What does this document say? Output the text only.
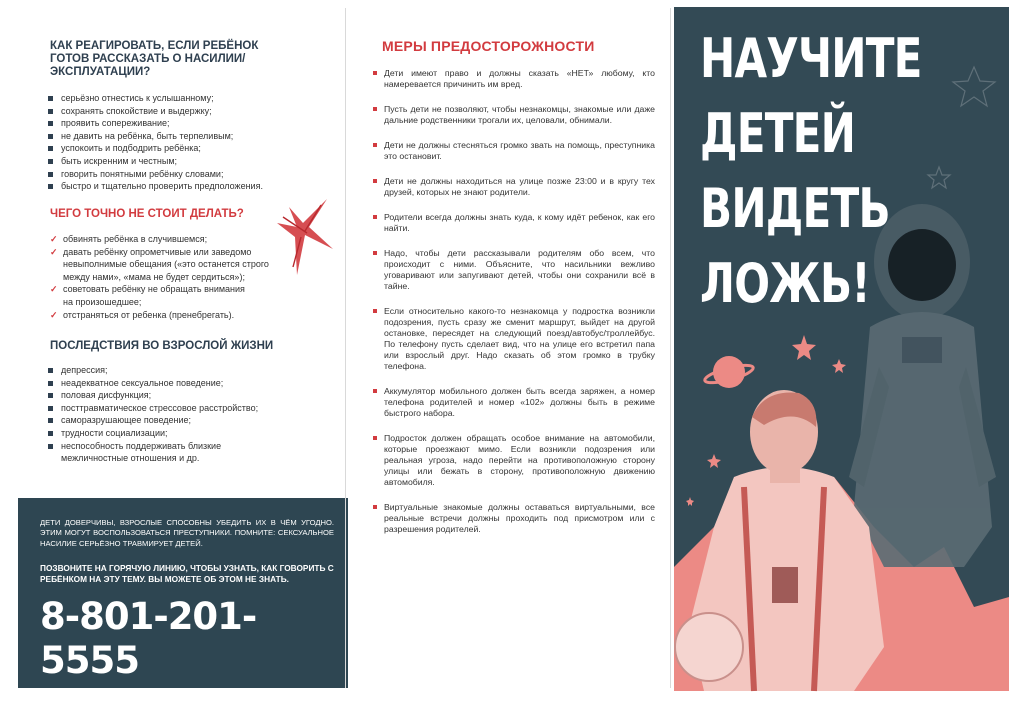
КАК РЕАГИРОВАТЬ, ЕСЛИ РЕБЁНОК ГОТОВ РАССКАЗАТЬ О НАСИЛИИ/ЭКСПЛУАТАЦИИ?
серьёзно отнестись к услышанному;
сохранять спокойствие и выдержку;
проявить сопереживание;
не давить на ребёнка, быть терпеливым;
успокоить и подбодрить ребёнка;
быть искренним и честным;
говорить понятными ребёнку словами;
быстро и тщательно проверить предположения.
ЧЕГО ТОЧНО НЕ СТОИТ ДЕЛАТЬ?
✓ обвинять ребёнка в случившемся;
✓ давать ребёнку опрометчивые или заведомо
невыполнимые обещания («это останется строго
между нами», «мама не будет сердиться»);
✓ советовать ребёнку не обращать внимания
на произошедшее;
✓ отстраняться от ребенка (пренебрегать).
ПОСЛЕДСТВИЯ ВО ВЗРОСЛОЙ ЖИЗНИ
депрессия;
неадекватное сексуальное поведение;
половая дисфункция;
посттравматическое стрессовое расстройство;
саморазрушающее поведение;
трудности социализации;
неспособность поддерживать близкие межличностные отношения и др.

ДЕТИ ДОВЕРЧИВЫ, ВЗРОСЛЫЕ СПОСОБНЫ УБЕДИТЬ ИХ В ЧЁМ УГОДНО. ЭТИМ МОГУТ ВОСПОЛЬЗОВАТЬСЯ ПРЕСТУПНИКИ. ПОМНИТЕ: СЕКСУАЛЬНОЕ НАСИЛИЕ СЕРЬЁЗНО ТРАВМИРУЕТ ДЕТЕЙ.

ПОЗВОНИТЕ НА ГОРЯЧУЮ ЛИНИЮ, ЧТОБЫ УЗНАТЬ, КАК ГОВОРИТЬ С РЕБЁНКОМ НА ЭТУ ТЕМУ. ВЫ МОЖЕТЕ ОБ ЭТОМ НЕ ЗНАТЬ.

8-801-201-5555

ЗВОНОК БЕСПЛАТНЫЙ

ДОСТУПЕН СО СТАЦИОНАРНЫХ ТЕЛЕФОНОВ, МТС, VELCOM(A1, LIFE) ПО ВСЕЙ ТЕРРИТОРИИ РЕСПУБЛИКИ БЕЛАРУСЬ С 8:00 ДО 20:00

МЕРЫ ПРЕДОСТОРОЖНОСТИ
Дети имеют право и должны сказать «НЕТ» любому, кто намеревается причинить им вред.
Пусть дети не позволяют, чтобы незнакомцы, знакомые или даже дальние родственники трогали их, целовали, обнимали.
Дети не должны стесняться громко звать на помощь, преступника это остановит.
Дети не должны находиться на улице позже 23:00 и в кругу тех друзей, которых не знают родители.
Родители всегда должны знать куда, к кому идёт ребенок, как его найти.
Надо, чтобы дети рассказывали родителям обо всем, что происходит с ними. Объясните, что насильники вежливо уговаривают или запугивают детей, чтобы они сохранили всё в тайне.
Если относительно какого-то незнакомца у подростка возникли подозрения, пусть сразу же сменит маршрут, выйдет на другой остановке, пересядет на следующий поезд/автобус/троллейбус. По телефону пусть сделает вид, что на улице его встретил папа или взрослый друг. Надо сказать об этом громко в трубку телефона.
Аккумулятор мобильного должен быть всегда заряжен, а номер телефона родителей и номер «102» должны быть в режиме быстрого набора.
Подросток должен обращать особое внимание на автомобили, которые проезжают мимо. Если возникли подозрения или реальная угроза, надо перейти на противоположную сторону улицы или бежать в сторону, противоположную движению автомобиля.
Виртуальные знакомые должны оставаться виртуальными, все реальные встречи должны проходить под присмотром или с разрешения родителей.
НАУЧИТЕ
ДЕТЕЙ
ВИДЕТЬ
ЛОЖЬ!
